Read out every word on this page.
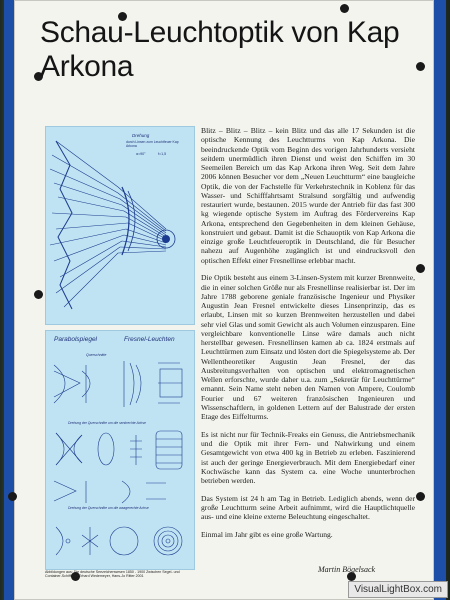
Schau-Leuchtoptik von Kap Arkona
Drehung
durch Linsen zum Leuchtfeuer Kap Arkona
α=90°	f=1,5
Parabolspiegel	Fresnel-Leuchten
Querschnitte
Drehung der Querschnitte um die senkrechte Achse
Drehung der Querschnitte um die waagerechte Achse
Abbildungen aus: Die deutsche Seezeichenwesen 1850 - 1900 Zwischen Segel- und Container-Schifffahrt Erhard Wedemeyer, Hans-Jo Ritter 2001

Blitz – Blitz – Blitz – kein Blitz und das alle 17 Sekunden ist die optische Kennung des Leuchtturms von Kap Arkona. Die beeindruckende Optik vom Beginn des vorigen Jahrhunderts versieht seitdem unermüdlich ihren Dienst und weist den Schiffen im 30 Seemeilen Bereich um das Kap Arkona ihren Weg. Seit dem Jahre 2006 können Besucher vor dem „Neuen Leuchtturm“ eine baugleiche Optik, die von der Fachstelle für Verkehrstechnik in Koblenz für das Wasser- und Schifffahrtsamt Stralsund sorgfältig und aufwendig restauriert wurde, bestaunen. 2015 wurde der Antrieb für das fast 300 kg wiegende optische System im Auftrag des Fördervereins Kap Arkona, entsprechend den Gegebenheiten in dem kleinen Gehäuse, konstruiert und gebaut. Damit ist die Schauoptik von Kap Arkona die einzige große Leuchtfeueroptik in Deutschland, die für Besucher nahezu auf Augenhöhe zugänglich ist und eindrucksvoll den optischen Effekt einer Fresnellinse erlebbar macht.

Die Optik besteht aus einem 3-Linsen-System mit kurzer Brennweite, die in einer solchen Größe nur als Fresnellinse realisierbar ist. Der im Jahre 1788 geborene geniale französische Ingenieur und Physiker Augustin Jean Fresnel entwickelte dieses Linsenprinzip, das es erlaubt, Linsen mit so kurzen Brennweiten herzustellen und dabei sehr viel Glas und somit Gewicht als auch Volumen einzusparen. Eine vergleichbare konventionelle Linse wäre damals auch nicht herstellbar gewesen. Fresnellinsen kamen ab ca. 1824 erstmals auf Leuchttürmen zum Einsatz und lösten dort die Spiegelsysteme ab. Der Wellentheoretiker Augustin Jean Fresnel, der das Ausbreitungsverhalten von optischen und elektromagnetischen Wellen erforschte, wurde daher u.a. zum „Sekretär für Leuchttürme“ ernannt. Sein Name steht neben den Namen von Ampere, Coulomb Fourier und 67 weiteren französischen Ingenieuren und Wissenschaftlern, in goldenen Lettern auf der Balustrade der ersten Etage des Eiffelturms.

Es ist nicht nur für Technik-Freaks ein Genuss, die Antriebsmechanik und die Optik mit ihrer Fern- und Nahwirkung und einem Gesamtgewicht von etwa 400 kg in Betrieb zu erleben. Faszinierend ist auch der geringe Energieverbrauch. Mit dem Energiebedarf einer Kochwäsche kann das System ca. eine Woche ununterbrochen betrieben werden.

Das System ist 24 h am Tag in Betrieb. Lediglich abends, wenn der große Leuchtturm seine Arbeit aufnimmt, wird die Hauptlichtquelle aus- und eine kleine externe Beleuchtung eingeschaltet.

Einmal im Jahr gibt es eine große Wartung.

Martin Bögelsack
VisualLightBox.com
